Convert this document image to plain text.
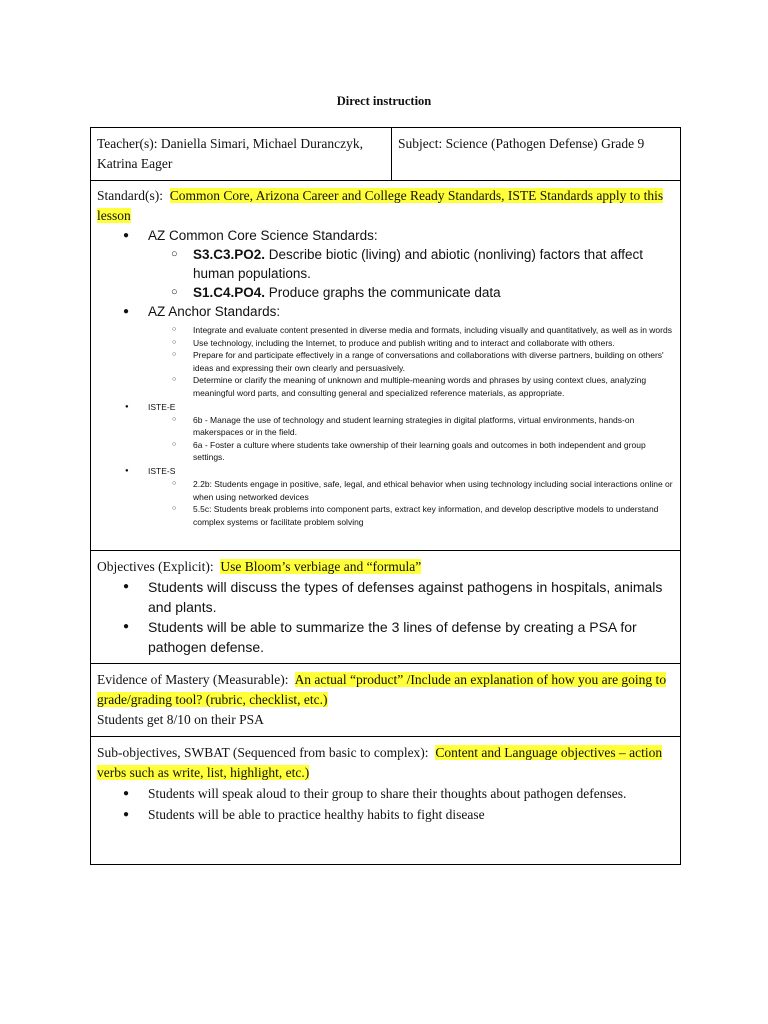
Direct instruction
Teacher(s): Daniella Simari, Michael Duranczyk, Katrina Eager	Subject: Science (Pathogen Defense) Grade 9

Standard(s): Common Core, Arizona Career and College Ready Standards, ISTE Standards apply to this lesson
● AZ Common Core Science Standards:
○ S3.C3.PO2. Describe biotic (living) and abiotic (nonliving) factors that affect human populations.
○ S1.C4.PO4. Produce graphs the communicate data
● AZ Anchor Standards:
○ Integrate and evaluate content presented in diverse media and formats, including visually and quantitatively, as well as in words
○ Use technology, including the Internet, to produce and publish writing and to interact and collaborate with others.
○ Prepare for and participate effectively in a range of conversations and collaborations with diverse partners, building on others' ideas and expressing their own clearly and persuasively.
○ Determine or clarify the meaning of unknown and multiple-meaning words and phrases by using context clues, analyzing meaningful word parts, and consulting general and specialized reference materials, as appropriate.
● ISTE-E
○ 6b - Manage the use of technology and student learning strategies in digital platforms, virtual environments, hands-on makerspaces or in the field.
○ 6a - Foster a culture where students take ownership of their learning goals and outcomes in both independent and group settings.
● ISTE-S
○ 2.2b: Students engage in positive, safe, legal, and ethical behavior when using technology including social interactions online or when using networked devices
○ 5.5c: Students break problems into component parts, extract key information, and develop descriptive models to understand complex systems or facilitate problem solving

Objectives (Explicit): Use Bloom’s verbiage and “formula”
● Students will discuss the types of defenses against pathogens in hospitals, animals and plants.
● Students will be able to summarize the 3 lines of defense by creating a PSA for pathogen defense.

Evidence of Mastery (Measurable): An actual “product” /Include an explanation of how you are going to grade/grading tool? (rubric, checklist, etc.)
Students get 8/10 on their PSA

Sub-objectives, SWBAT (Sequenced from basic to complex): Content and Language objectives – action verbs such as write, list, highlight, etc.)
● Students will speak aloud to their group to share their thoughts about pathogen defenses.
● Students will be able to practice healthy habits to fight disease
